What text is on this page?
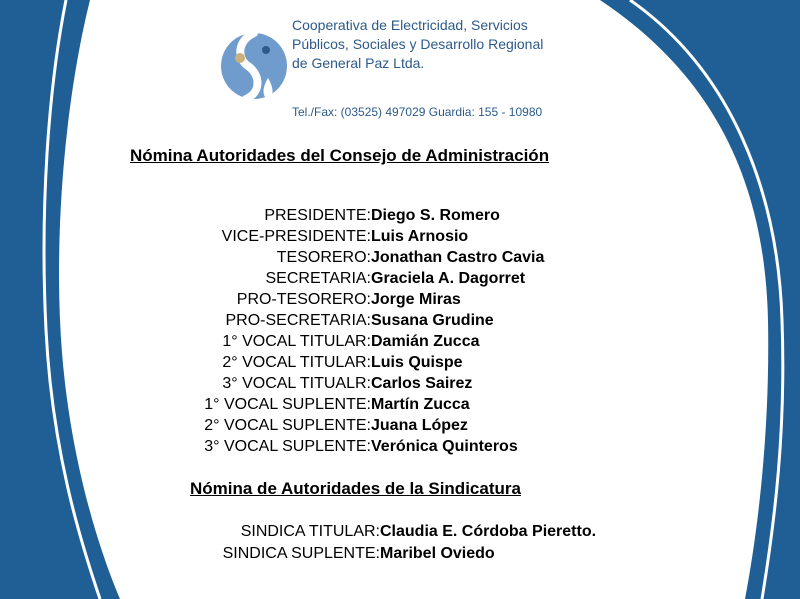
Cooperativa de Electricidad, Servicios
Públicos, Sociales y Desarrollo Regional
de General Paz Ltda.
Tel./Fax: (03525) 497029 Guardia: 155 - 10980
Nómina Autoridades del Consejo de Administración
PRESIDENTE:Diego S. Romero
VICE-PRESIDENTE:Luis Arnosio
TESORERO:Jonathan Castro Cavia
SECRETARIA:Graciela A. Dagorret
PRO-TESORERO:Jorge Miras
PRO-SECRETARIA:Susana Grudine
1° VOCAL TITULAR:Damián Zucca
2° VOCAL TITULAR:Luis Quispe
3° VOCAL TITUALR:Carlos Sairez
1° VOCAL SUPLENTE:Martín Zucca
2° VOCAL SUPLENTE:Juana López
3° VOCAL SUPLENTE:Verónica Quinteros
Nómina de Autoridades de la Sindicatura
SINDICA TITULAR:Claudia E. Córdoba Pieretto.
SINDICA SUPLENTE:Maribel Oviedo
